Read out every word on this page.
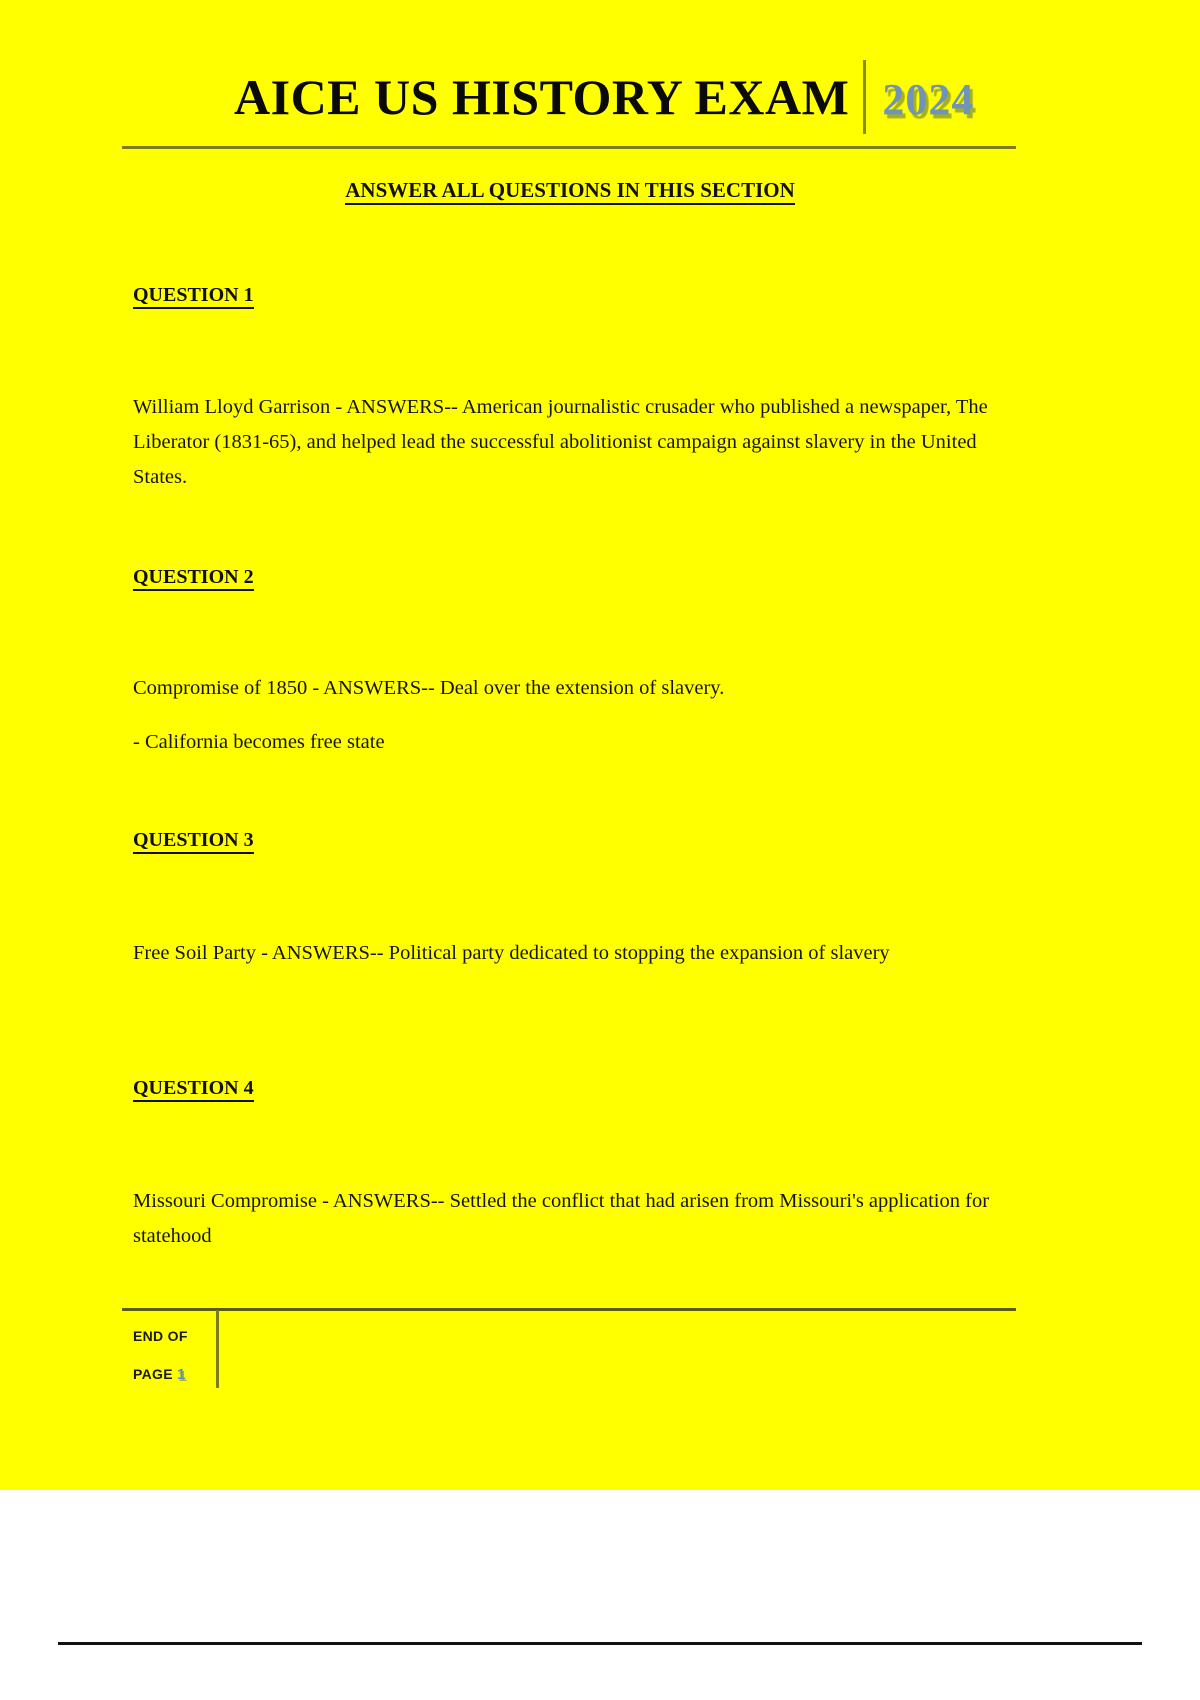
AICE US HISTORY EXAM 2024
ANSWER ALL QUESTIONS IN THIS SECTION
QUESTION 1
William Lloyd Garrison - ANSWERS-- American journalistic crusader who published a newspaper, The Liberator (1831-65), and helped lead the successful abolitionist campaign against slavery in the United States.
QUESTION 2
Compromise of 1850 - ANSWERS-- Deal over the extension of slavery.
- California becomes free state
QUESTION 3
Free Soil Party - ANSWERS-- Political party dedicated to stopping the expansion of slavery
QUESTION 4
Missouri Compromise - ANSWERS-- Settled the conflict that had arisen from Missouri's application for statehood
END OF
PAGE 1
